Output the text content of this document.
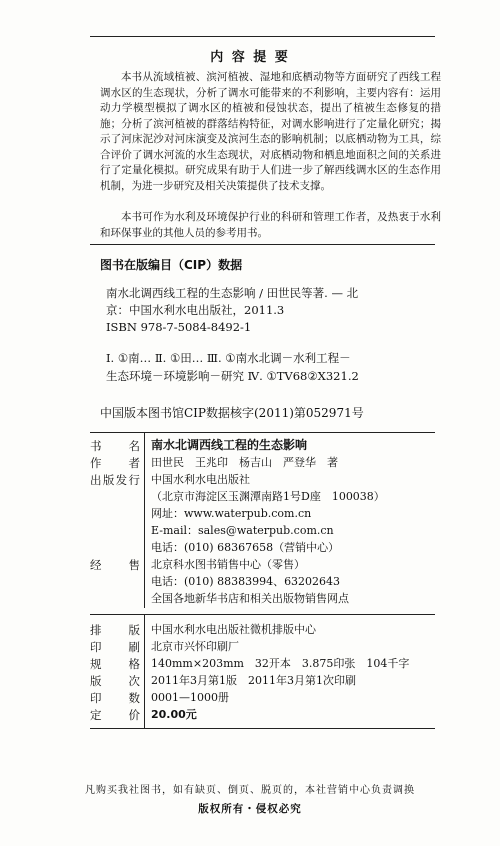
内 容 提 要
本书从流域植被、滨河植被、湿地和底栖动物等方面研究了西线工程调水区的生态现状，分析了调水可能带来的不利影响，主要内容有：运用动力学模型模拟了调水区的植被和侵蚀状态，提出了植被生态修复的措施；分析了滨河植被的群落结构特征，对调水影响进行了定量化研究；揭示了河床泥沙对河床演变及滨河生态的影响机制；以底栖动物为工具，综合评价了调水河流的水生态现状，对底栖动物和栖息地面积之间的关系进行了定量化模拟。研究成果有助于人们进一步了解西线调水区的生态作用机制，为进一步研究及相关决策提供了技术支撑。
本书可作为水利及环境保护行业的科研和管理工作者，及热衷于水利和环保事业的其他人员的参考用书。
图书在版编目（CIP）数据
南水北调西线工程的生态影响 / 田世民等著. — 北
京：中国水利水电出版社，2011.3
ISBN 978-7-5084-8492-1
Ⅰ. ①南… Ⅱ. ①田… Ⅲ. ①南水北调－水利工程－
生态环境－环境影响－研究 Ⅳ. ①TV68②X321.2
中国版本图书馆CIP数据核字(2011)第052971号
书　名 南水北调西线工程的生态影响
作　者 田世民　王兆印　杨吉山　严登华　著
出版发行 中国水利水电出版社
（北京市海淀区玉渊潭南路1号D座　100038）
网址：www.waterpub.com.cn
E-mail：sales@waterpub.com.cn
电话：(010) 68367658（营销中心）
经　售 北京科水图书销售中心（零售）
电话：(010) 88383994、63202643
全国各地新华书店和相关出版物销售网点
排　版 中国水利水电出版社微机排版中心
印　刷 北京市兴怀印刷厂
规　格 140mm×203mm　32开本　3.875印张　104千字
版　次 2011年3月第1版　2011年3月第1次印刷
印　数 0001—1000册
定　价 20.00元
凡购买我社图书，如有缺页、倒页、脱页的，本社营销中心负责调换
版权所有・侵权必究
